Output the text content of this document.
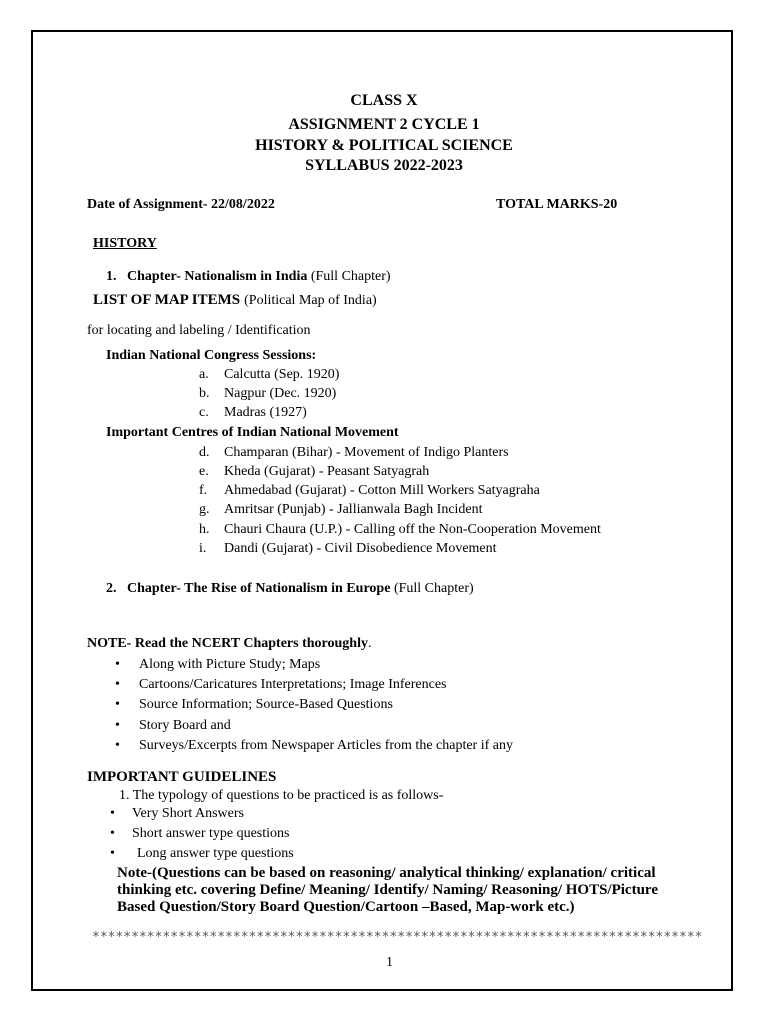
CLASS X
ASSIGNMENT 2 CYCLE 1
HISTORY & POLITICAL SCIENCE
SYLLABUS 2022-2023
Date of Assignment- 22/08/2022	TOTAL MARKS-20
HISTORY
1. Chapter- Nationalism in India (Full Chapter)
LIST OF MAP ITEMS (Political Map of India)
for locating and labeling / Identification
Indian National Congress Sessions:
a. Calcutta (Sep. 1920)
b. Nagpur (Dec. 1920)
c. Madras (1927)
Important Centres of Indian National Movement
d. Champaran (Bihar) - Movement of Indigo Planters
e. Kheda (Gujarat) - Peasant Satyagrah
f. Ahmedabad (Gujarat) - Cotton Mill Workers Satyagraha
g. Amritsar (Punjab) - Jallianwala Bagh Incident
h. Chauri Chaura (U.P.) - Calling off the Non-Cooperation Movement
i. Dandi (Gujarat) - Civil Disobedience Movement
2. Chapter- The Rise of Nationalism in Europe (Full Chapter)
NOTE- Read the NCERT Chapters thoroughly.
• Along with Picture Study; Maps
• Cartoons/Caricatures Interpretations; Image Inferences
• Source Information; Source-Based Questions
• Story Board and
• Surveys/Excerpts from Newspaper Articles from the chapter if any
IMPORTANT GUIDELINES
1. The typology of questions to be practiced is as follows-
• Very Short Answers
• Short answer type questions
• Long answer type questions
Note-(Questions can be based on reasoning/ analytical thinking/ explanation/ critical thinking etc. covering Define/ Meaning/ Identify/ Naming/ Reasoning/ HOTS/Picture Based Question/Story Board Question/Cartoon –Based, Map-work etc.)
******************************************************************************
1
